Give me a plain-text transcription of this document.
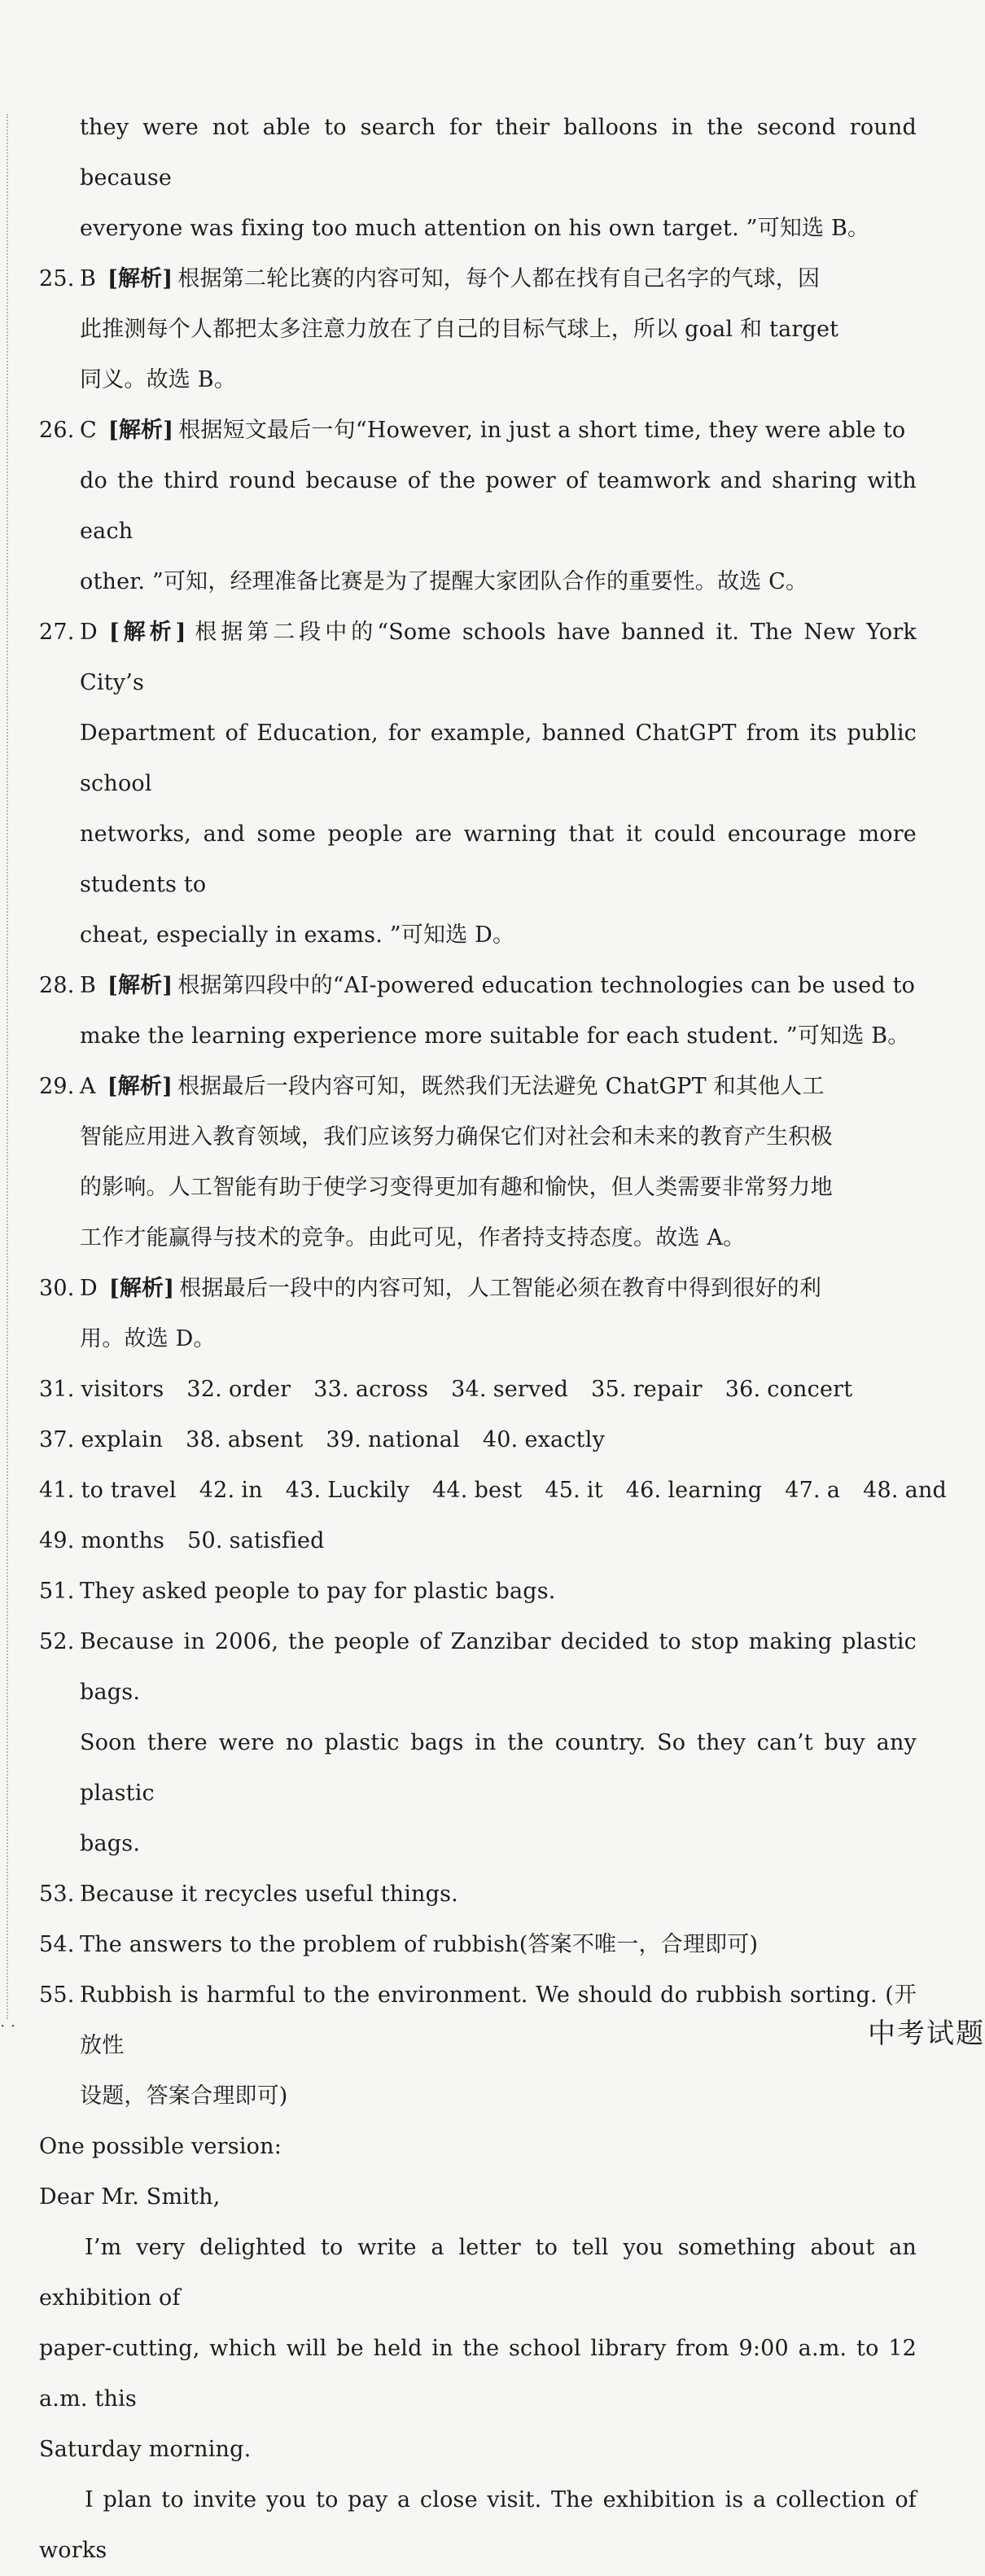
they were not able to search for their balloons in the second round because
everyone was fixing too much attention on his own target. ”可知选 B。
25. B [解析] 根据第二轮比赛的内容可知，每个人都在找有自己名字的气球，因
此推测每个人都把太多注意力放在了自己的目标气球上，所以 goal 和 target
同义。故选 B。
26. C [解析] 根据短文最后一句“However, in just a short time, they were able to
do the third round because of the power of teamwork and sharing with each
other. ”可知，经理准备比赛是为了提醒大家团队合作的重要性。故选 C。
27. D [解析] 根据第二段中的“Some schools have banned it. The New York City’s
Department of Education, for example, banned ChatGPT from its public school
networks, and some people are warning that it could encourage more students to
cheat, especially in exams. ”可知选 D。
28. B [解析] 根据第四段中的“AI-powered education technologies can be used to
make the learning experience more suitable for each student. ”可知选 B。
29. A [解析] 根据最后一段内容可知，既然我们无法避免 ChatGPT 和其他人工
智能应用进入教育领域，我们应该努力确保它们对社会和未来的教育产生积极
的影响。人工智能有助于使学习变得更加有趣和愉快，但人类需要非常努力地
工作才能赢得与技术的竞争。由此可见，作者持支持态度。故选 A。
30. D [解析] 根据最后一段中的内容可知，人工智能必须在教育中得到很好的利
用。故选 D。
31. visitors 32. order 33. across 34. served 35. repair 36. concert
37. explain 38. absent 39. national 40. exactly
41. to travel 42. in 43. Luckily 44. best 45. it 46. learning 47. a 48. and
49. months 50. satisfied
51. They asked people to pay for plastic bags.
52. Because in 2006, the people of Zanzibar decided to stop making plastic bags.
Soon there were no plastic bags in the country. So they can’t buy any plastic
bags.
53. Because it recycles useful things.
54. The answers to the problem of rubbish(答案不唯一，合理即可)
55. Rubbish is harmful to the environment. We should do rubbish sorting. (开放性
设题，答案合理即可)
One possible version:
Dear Mr. Smith,
I’m very delighted to write a letter to tell you something about an exhibition of
paper-cutting, which will be held in the school library from 9:00 a.m. to 12 a.m. this
Saturday morning.
I plan to invite you to pay a close visit. The exhibition is a collection of works
· ·	中考试题
